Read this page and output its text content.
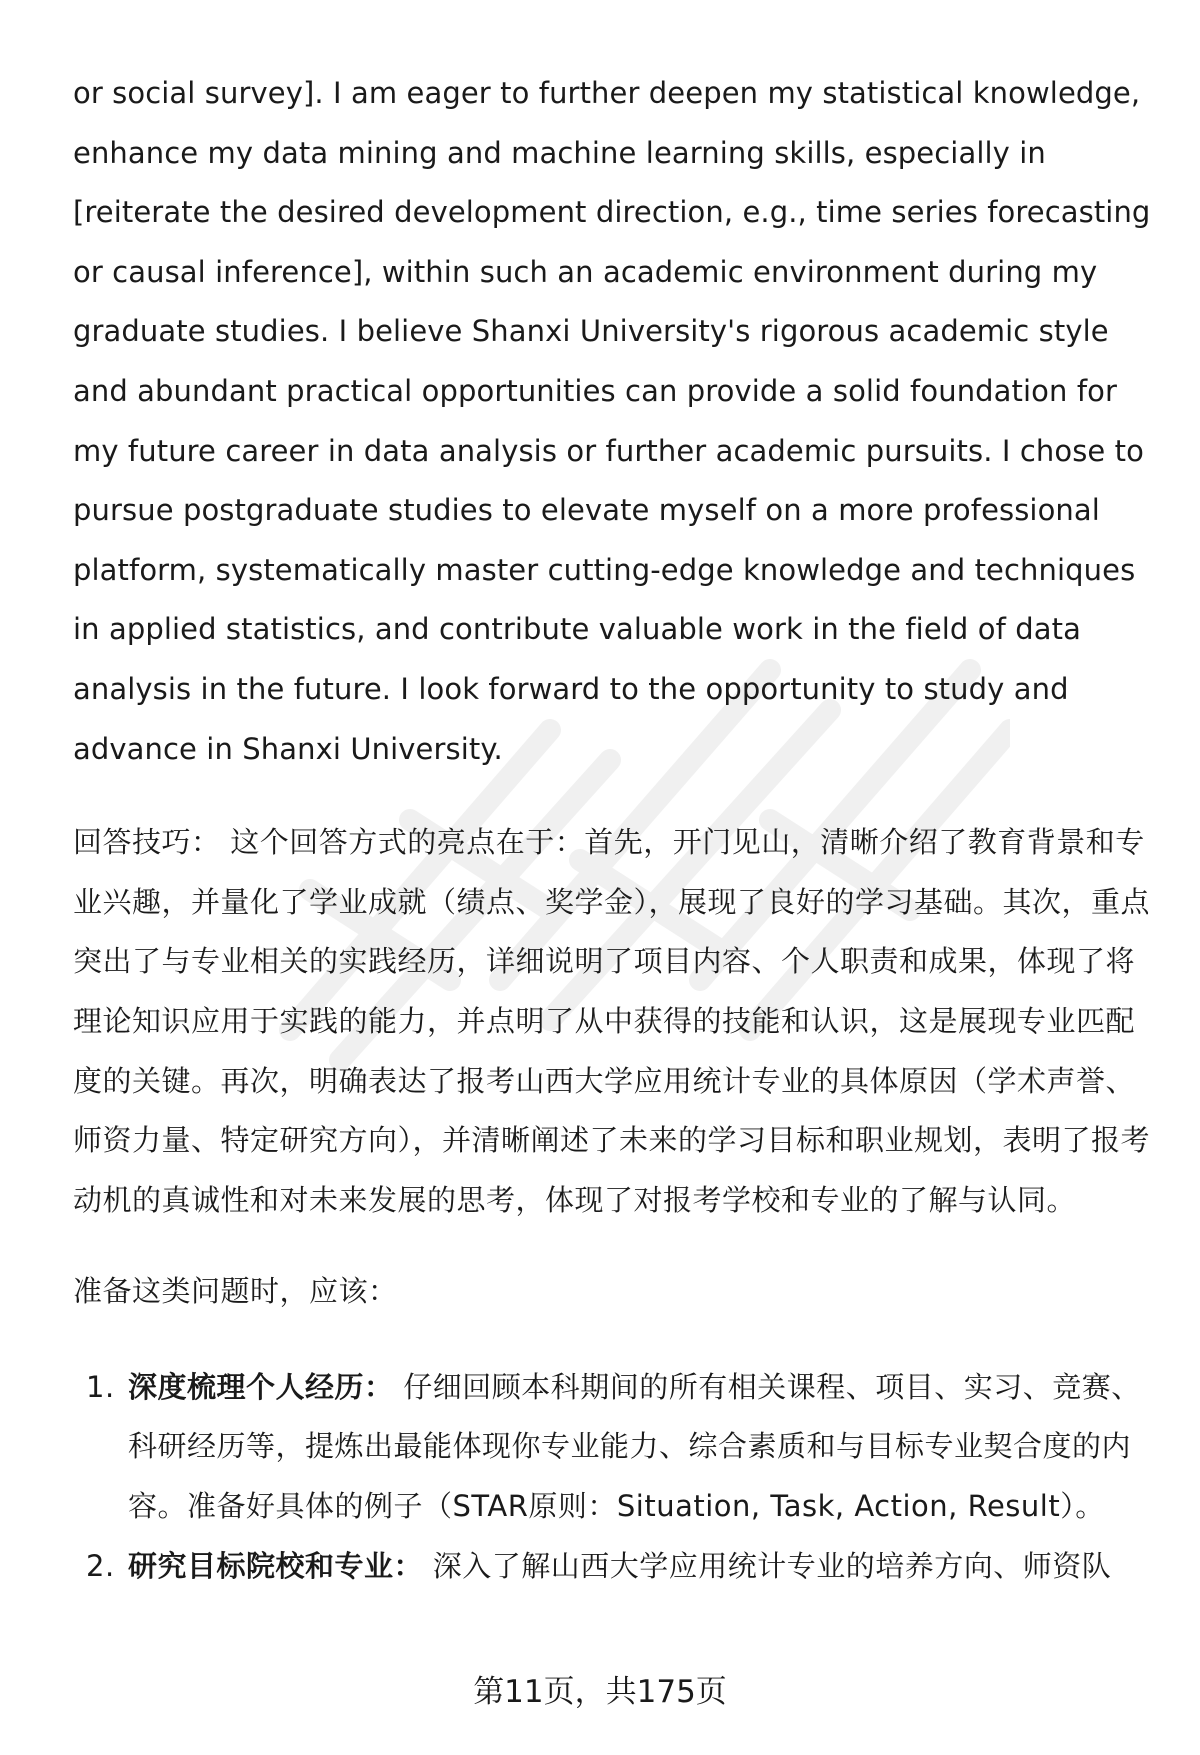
or social survey]. I am eager to further deepen my statistical knowledge, enhance my data mining and machine learning skills, especially in [reiterate the desired development direction, e.g., time series forecasting or causal inference], within such an academic environment during my graduate studies. I believe Shanxi University's rigorous academic style and abundant practical opportunities can provide a solid foundation for my future career in data analysis or further academic pursuits. I chose to pursue postgraduate studies to elevate myself on a more professional platform, systematically master cutting-edge knowledge and techniques in applied statistics, and contribute valuable work in the field of data analysis in the future. I look forward to the opportunity to study and advance in Shanxi University.

回答技巧： 这个回答方式的亮点在于：首先，开门见山，清晰介绍了教育背景和专业兴趣，并量化了学业成就（绩点、奖学金），展现了良好的学习基础。其次，重点突出了与专业相关的实践经历，详细说明了项目内容、个人职责和成果，体现了将理论知识应用于实践的能力，并点明了从中获得的技能和认识，这是展现专业匹配度的关键。再次，明确表达了报考山西大学应用统计专业的具体原因（学术声誉、师资力量、特定研究方向），并清晰阐述了未来的学习目标和职业规划，表明了报考动机的真诚性和对未来发展的思考，体现了对报考学校和专业的了解与认同。

准备这类问题时，应该：

1. 深度梳理个人经历： 仔细回顾本科期间的所有相关课程、项目、实习、竞赛、科研经历等，提炼出最能体现你专业能力、综合素质和与目标专业契合度的内容。准备好具体的例子（STAR原则：Situation, Task, Action, Result）。
2. 研究目标院校和专业： 深入了解山西大学应用统计专业的培养方向、师资队
第11页，共175页
